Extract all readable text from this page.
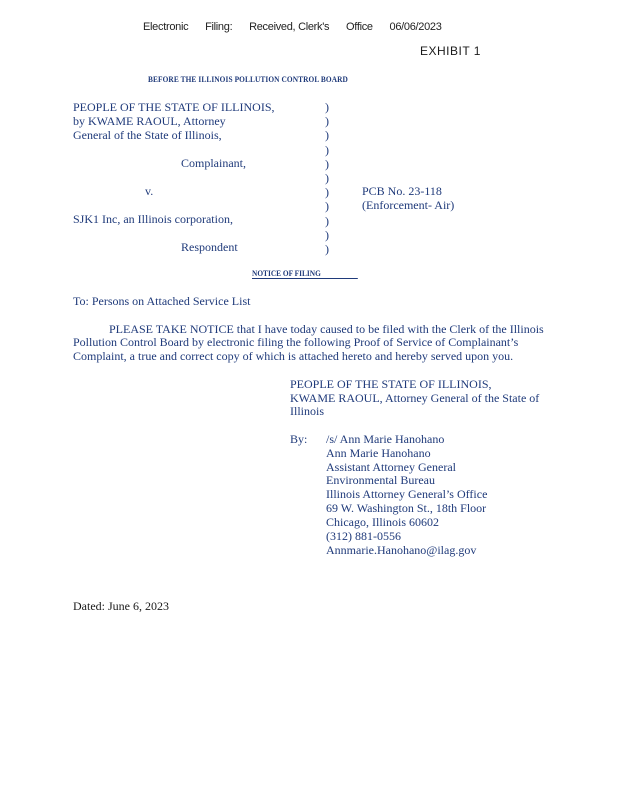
Electronic Filing: Received, Clerk's Office 06/06/2023
EXHIBIT 1
BEFORE THE ILLINOIS POLLUTION CONTROL BOARD
PEOPLE OF THE STATE OF ILLINOIS,
by KWAME RAOUL, Attorney
General of the State of Illinois,
Complainant,
v.
SJK1 Inc, an Illinois corporation,
Respondent
)
)
)
)
)
)
)
)
)
)
)
PCB No. 23-118
(Enforcement- Air)
NOTICE OF FILING
To: Persons on Attached Service List
PLEASE TAKE NOTICE that I have today caused to be filed with the Clerk of the Illinois
Pollution Control Board by electronic filing the following Proof of Service of Complainant’s
Complaint, a true and correct copy of which is attached hereto and hereby served upon you.
PEOPLE OF THE STATE OF ILLINOIS,
KWAME RAOUL, Attorney General of the State of
Illinois
By: /s/ Ann Marie Hanohano
Ann Marie Hanohano
Assistant Attorney General
Environmental Bureau
Illinois Attorney General’s Office
69 W. Washington St., 18th Floor
Chicago, Illinois 60602
(312) 881-0556
Annmarie.Hanohano@ilag.gov
Dated: June 6, 2023
